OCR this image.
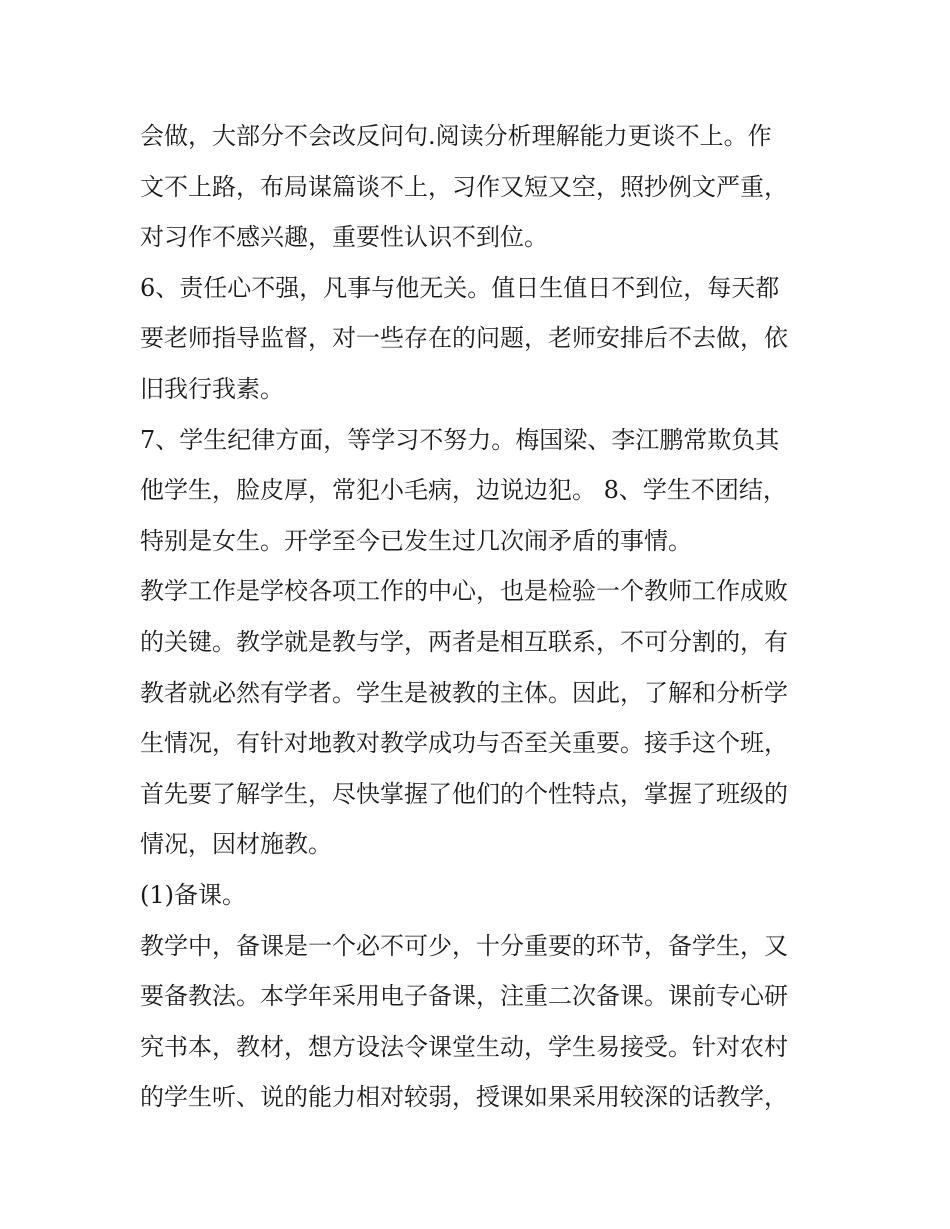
会做，大部分不会改反问句.阅读分析理解能力更谈不上。作
文不上路，布局谋篇谈不上，习作又短又空，照抄例文严重，
对习作不感兴趣，重要性认识不到位。
6、责任心不强，凡事与他无关。值日生值日不到位，每天都
要老师指导监督，对一些存在的问题，老师安排后不去做，依
旧我行我素。
7、学生纪律方面，等学习不努力。梅国梁、李江鹏常欺负其
他学生，脸皮厚，常犯小毛病，边说边犯。 8、学生不团结，
特别是女生。开学至今已发生过几次闹矛盾的事情。
教学工作是学校各项工作的中心，也是检验一个教师工作成败
的关键。教学就是教与学，两者是相互联系，不可分割的，有
教者就必然有学者。学生是被教的主体。因此，了解和分析学
生情况，有针对地教对教学成功与否至关重要。接手这个班，
首先要了解学生，尽快掌握了他们的个性特点，掌握了班级的
情况，因材施教。
(1)备课。
教学中，备课是一个必不可少，十分重要的环节，备学生，又
要备教法。本学年采用电子备课，注重二次备课。课前专心研
究书本，教材，想方设法令课堂生动，学生易接受。针对农村
的学生听、说的能力相对较弱，授课如果采用较深的话教学，
